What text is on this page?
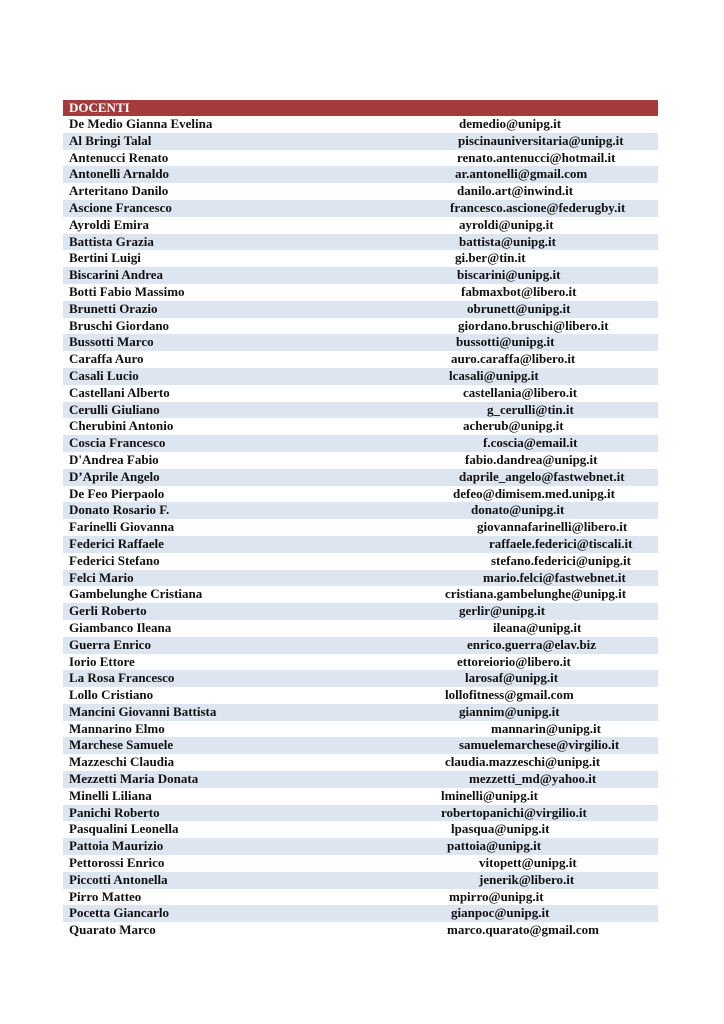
DOCENTI
De Medio Gianna Evelina	demedio@unipg.it
Al Bringi Talal	piscinauniversitaria@unipg.it
Antenucci Renato	renato.antenucci@hotmail.it
Antonelli Arnaldo	ar.antonelli@gmail.com
Arteritano Danilo	danilo.art@inwind.it
Ascione Francesco	francesco.ascione@federugby.it
Ayroldi Emira	ayroldi@unipg.it
Battista Grazia	battista@unipg.it
Bertini Luigi	gi.ber@tin.it
Biscarini Andrea	biscarini@unipg.it
Botti Fabio Massimo	fabmaxbot@libero.it
Brunetti Orazio	obrunett@unipg.it
Bruschi Giordano	giordano.bruschi@libero.it
Bussotti Marco	bussotti@unipg.it
Caraffa Auro	auro.caraffa@libero.it
Casali Lucio	lcasali@unipg.it
Castellani Alberto	castellania@libero.it
Cerulli Giuliano	g_cerulli@tin.it
Cherubini Antonio	acherub@unipg.it
Coscia Francesco	f.coscia@email.it
D'Andrea Fabio	fabio.dandrea@unipg.it
D’Aprile Angelo	daprile_angelo@fastwebnet.it
De Feo Pierpaolo	defeo@dimisem.med.unipg.it
Donato Rosario F.	donato@unipg.it
Farinelli Giovanna	giovannafarinelli@libero.it
Federici Raffaele	raffaele.federici@tiscali.it
Federici Stefano	stefano.federici@unipg.it
Felci Mario	mario.felci@fastwebnet.it
Gambelunghe Cristiana	cristiana.gambelunghe@unipg.it
Gerli Roberto	gerlir@unipg.it
Giambanco Ileana	ileana@unipg.it
Guerra Enrico	enrico.guerra@elav.biz
Iorio Ettore	ettoreiorio@libero.it
La Rosa Francesco	larosaf@unipg.it
Lollo Cristiano	lollofitness@gmail.com
Mancini Giovanni Battista	giannim@unipg.it
Mannarino Elmo	mannarin@unipg.it
Marchese Samuele	samuelemarchese@virgilio.it
Mazzeschi Claudia	claudia.mazzeschi@unipg.it
Mezzetti Maria Donata	mezzetti_md@yahoo.it
Minelli Liliana	lminelli@unipg.it
Panichi Roberto	robertopanichi@virgilio.it
Pasqualini Leonella	lpasqua@unipg.it
Pattoia Maurizio	pattoia@unipg.it
Pettorossi Enrico	vitopett@unipg.it
Piccotti Antonella	jenerik@libero.it
Pirro Matteo	mpirro@unipg.it
Pocetta Giancarlo	gianpoc@unipg.it
Quarato Marco	marco.quarato@gmail.com
